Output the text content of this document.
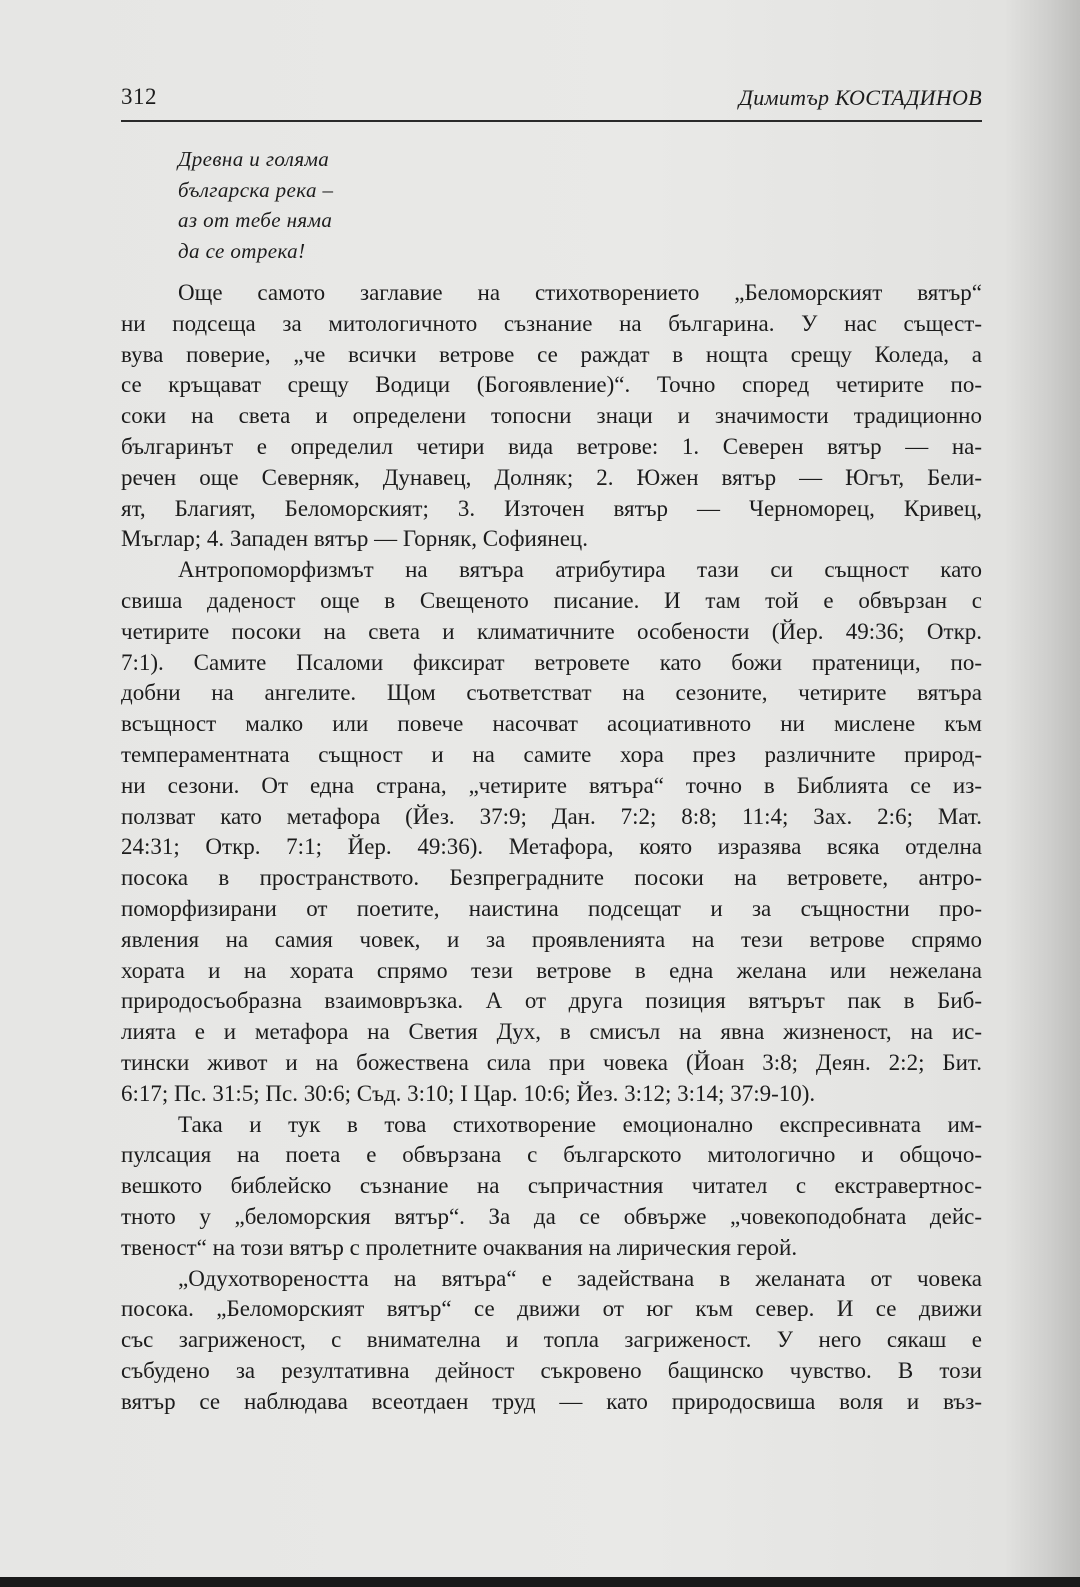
312	Димитър КОСТАДИНОВ
Древна и голяма
българска река –
аз от тебе няма
да се отрека!

Още самото заглавие на стихотворението „Беломорският вятър“
ни подсеща за митологичното съзнание на българина. У нас същест-
вува поверие, „че всички ветрове се раждат в нощта срещу Коледа, а
се кръщават срещу Водици (Богоявление)“. Точно според четирите по-
соки на света и определени топосни знаци и значимости традиционно
българинът е определил четири вида ветрове: 1. Северен вятър — на-
речен още Северняк, Дунавец, Долняк; 2. Южен вятър — Югът, Бели-
ят, Благият, Беломорският; 3. Източен вятър — Черноморец, Кривец,
Мъглар; 4. Западен вятър — Горняк, Софиянец.

Антропоморфизмът на вятъра атрибутира тази си същност като
свиша даденост още в Свещеното писание. И там той е обвързан с
четирите посоки на света и климатичните особености (Йер. 49:36; Откр.
7:1). Самите Псаломи фиксират ветровете като божи пратеници, по-
добни на ангелите. Щом съответстват на сезоните, четирите вятъра
всъщност малко или повече насочват асоциативното ни мислене към
темпераментната същност и на самите хора през различните природ-
ни сезони. От една страна, „четирите вятъра“ точно в Библията се из-
ползват като метафора (Йез. 37:9; Дан. 7:2; 8:8; 11:4; Зах. 2:6; Мат.
24:31; Откр. 7:1; Йер. 49:36). Метафора, която изразява всяка отделна
посока в пространството. Безпреградните посоки на ветровете, антро-
поморфизирани от поетите, наистина подсещат и за същностни про-
явления на самия човек, и за проявленията на тези ветрове спрямо
хората и на хората спрямо тези ветрове в една желана или нежелана
природосъобразна взаимовръзка. А от друга позиция вятърът пак в Биб-
лията е и метафора на Светия Дух, в смисъл на явна жизненост, на ис-
тински живот и на божествена сила при човека (Йоан 3:8; Деян. 2:2; Бит.
6:17; Пс. 31:5; Пс. 30:6; Съд. 3:10; I Цар. 10:6; Йез. 3:12; 3:14; 37:9-10).

Така и тук в това стихотворение емоционално експресивната им-
пулсация на поета е обвързана с българското митологично и общочо-
вешкото библейско съзнание на съпричастния читател с екстравертнос-
тното у „беломорския вятър“. За да се обвърже „човекоподобната дейс-
твеност“ на този вятър с пролетните очаквания на лирическия герой.

„Одухотвореността на вятъра“ е задействана в желаната от човека
посока. „Беломорският вятър“ се движи от юг към север. И се движи
със загриженост, с внимателна и топла загриженост. У него сякаш е
събудено за резултативна дейност съкровено бащинско чувство. В този
вятър се наблюдава всеотдаен труд — като природосвиша воля и въз-
